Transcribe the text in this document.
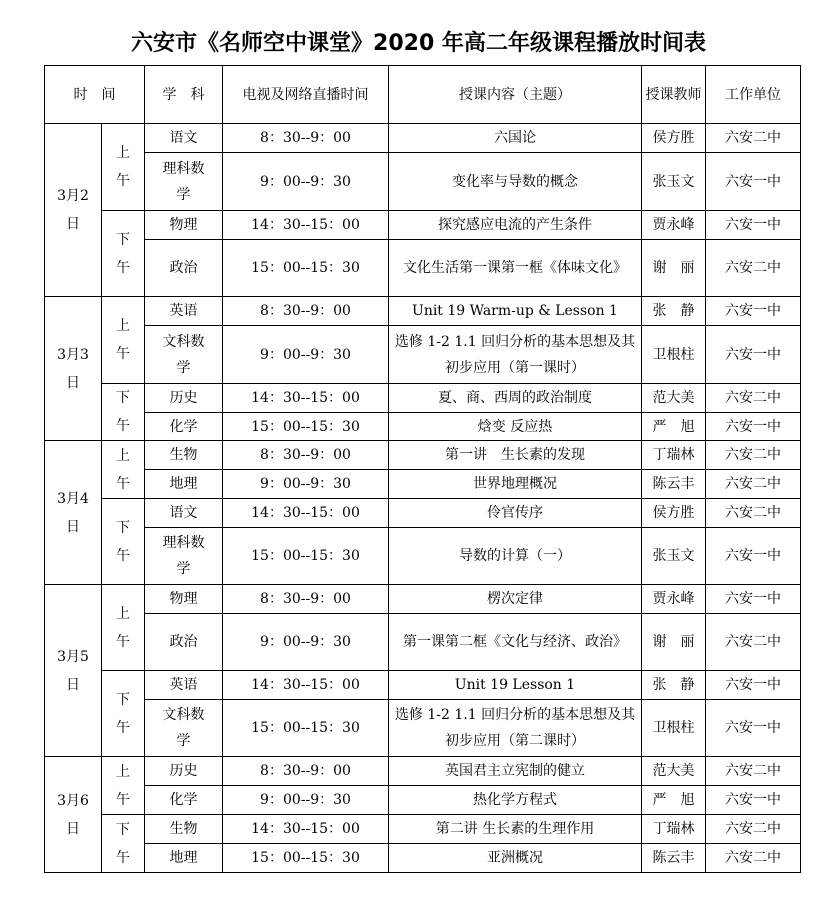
六安市《名师空中课堂》2020 年高二年级课程播放时间表
时　间		学　科	电视及网络直播时间	授课内容（主题）	授课教师	工作单位
3月2日	上午	语文	8：30--9：00	六国论	侯方胜	六安二中
		理科数学	9：00--9：30	变化率与导数的概念	张玉文	六安一中
	下午	物理	14：30--15：00	探究感应电流的产生条件	贾永峰	六安一中
		政治	15：00--15：30	文化生活第一课第一框《体味文化》	谢　丽	六安二中
3月3日	上午	英语	8：30--9：00	Unit 19 Warm-up & Lesson 1	张　静	六安一中
		文科数学	9：00--9：30	选修 1-2 1.1 回归分析的基本思想及其初步应用（第一课时）	卫根柱	六安一中
	下午	历史	14：30--15：00	夏、商、西周的政治制度	范大美	六安二中
		化学	15：00--15：30	焓变 反应热	严　旭	六安一中
3月4日	上午	生物	8：30--9：00	第一讲　生长素的发现	丁瑞林	六安二中
		地理	9：00--9：30	世界地理概况	陈云丰	六安二中
	下午	语文	14：30--15：00	伶官传序	侯方胜	六安二中
		理科数学	15：00--15：30	导数的计算（一）	张玉文	六安一中
3月5日	上午	物理	8：30--9：00	楞次定律	贾永峰	六安一中
		政治	9：00--9：30	第一课第二框《文化与经济、政治》	谢　丽	六安二中
	下午	英语	14：30--15：00	Unit 19 Lesson 1	张　静	六安一中
		文科数学	15：00--15：30	选修 1-2 1.1 回归分析的基本思想及其初步应用（第二课时）	卫根柱	六安一中
3月6日	上午	历史	8：30--9：00	英国君主立宪制的健立	范大美	六安二中
		化学	9：00--9：30	热化学方程式	严　旭	六安一中
	下午	生物	14：30--15：00	第二讲 生长素的生理作用	丁瑞林	六安二中
		地理	15：00--15：30	亚洲概况	陈云丰	六安二中
